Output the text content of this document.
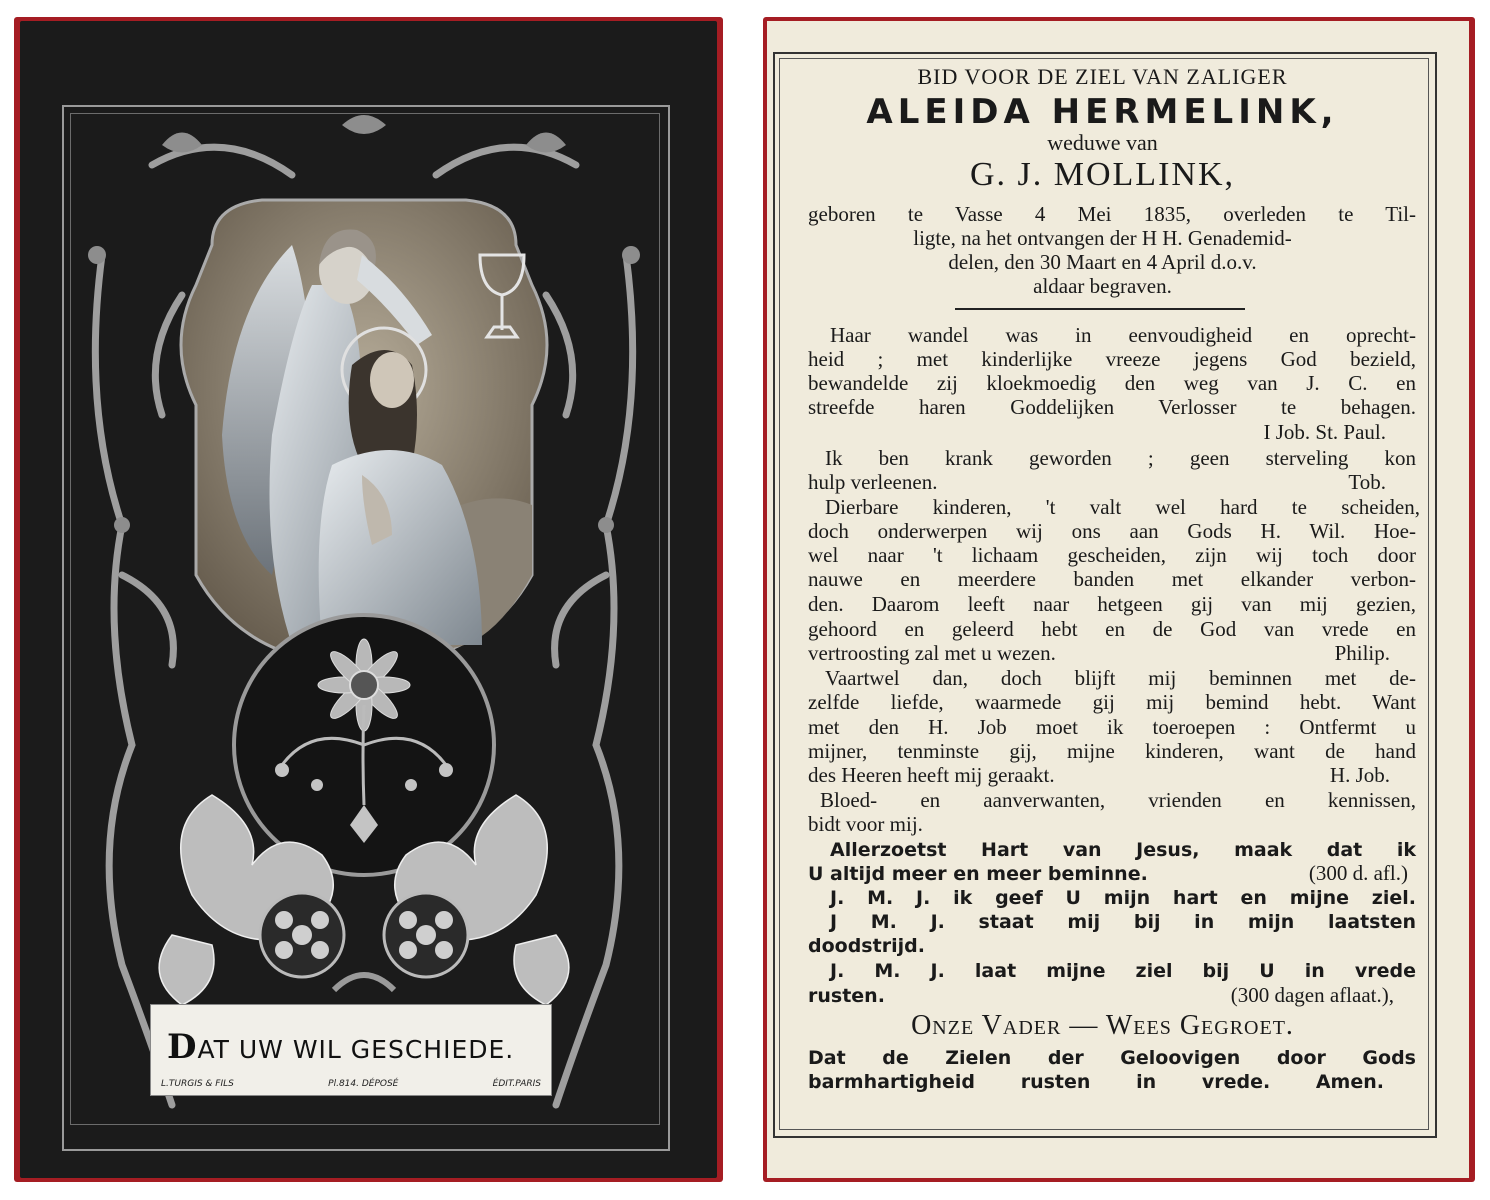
DAT UW WIL GESCHIEDE.
L.TURGIS & FILS	Pl.814. DÉPOSÉ	ÉDIT.PARIS
BID VOOR DE ZIEL VAN ZALIGER
ALEIDA HERMELINK,
weduwe van
G. J. MOLLINK,
geboren te Vasse 4 Mei 1835, overleden te Til-
ligte, na het ontvangen der H H. Genademid-
delen, den 30 Maart en 4 April d.o.v.
aldaar begraven.
Haar wandel was in eenvoudigheid en oprecht-
heid ; met kinderlijke vreeze jegens God bezield,
bewandelde zij kloekmoedig den weg van J. C. en
streefde haren Goddelijken Verlosser te behagen.
I Job. St. Paul.
Ik ben krank geworden ; geen sterveling kon
hulp verleenen.	Tob.
Dierbare kinderen, 't valt wel hard te scheiden,
doch onderwerpen wij ons aan Gods H. Wil. Hoe-
wel naar 't lichaam gescheiden, zijn wij toch door
nauwe en meerdere banden met elkander verbon-
den. Daarom leeft naar hetgeen gij van mij gezien,
gehoord en geleerd hebt en de God van vrede en
vertroosting zal met u wezen.	Philip.
Vaartwel dan, doch blijft mij beminnen met de-
zelfde liefde, waarmede gij mij bemind hebt. Want
met den H. Job moet ik toeroepen : Ontfermt u
mijner, tenminste gij, mijne kinderen, want de hand
des Heeren heeft mij geraakt.	H. Job.
Bloed- en aanverwanten, vrienden en kennissen,
bidt voor mij.
Allerzoetst Hart van Jesus, maak dat ik
U altijd meer en meer beminne.	(300 d. afl.)
J. M. J. ik geef U mijn hart en mijne ziel.
J M. J. staat mij bij in mijn laatsten
doodstrijd.
J. M. J. laat mijne ziel bij U in vrede
rusten.	(300 dagen aflaat.),
Onze Vader — Wees Gegroet.
Dat de Zielen der Geloovigen door Gods
barmhartigheid rusten in vrede. Amen.
